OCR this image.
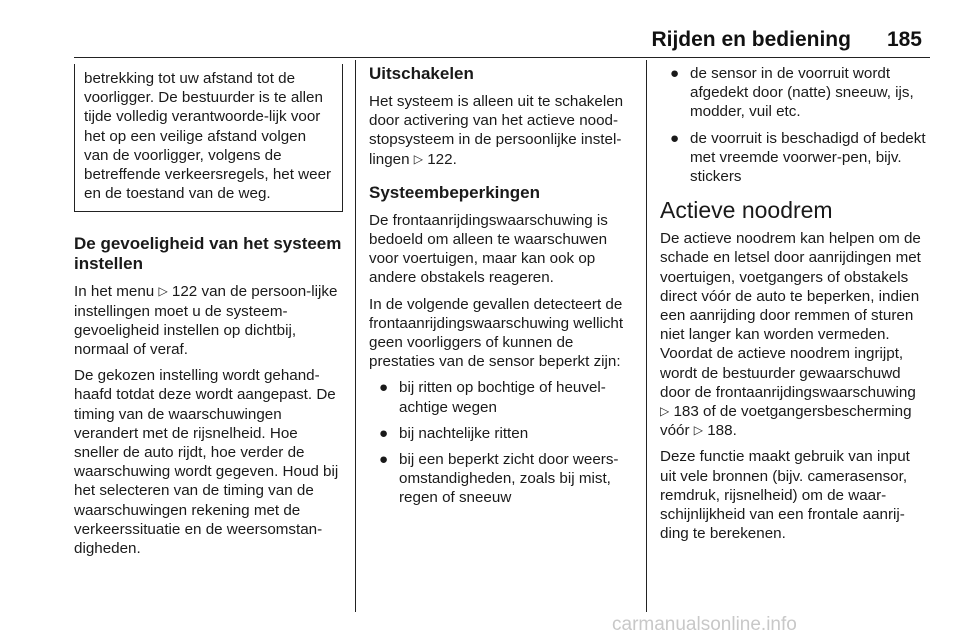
Rijden en bediening 185

betrekking tot uw afstand tot de voorligger. De bestuurder is te allen tijde volledig verantwoorde-lijk voor het op een veilige afstand volgen van de voorligger, volgens de betreffende verkeersregels, het weer en de toestand van de weg.

De gevoeligheid van het systeem instellen

In het menu ▷ 122 van de persoon-lijke instellingen moet u de systeem-gevoeligheid instellen op dichtbij, normaal of veraf.

De gekozen instelling wordt gehand-haafd totdat deze wordt aangepast. De timing van de waarschuwingen verandert met de rijsnelheid. Hoe sneller de auto rijdt, hoe verder de waarschuwing wordt gegeven. Houd bij het selecteren van de timing van de waarschuwingen rekening met de verkeerssituatie en de weersomstan-digheden.

Uitschakelen

Het systeem is alleen uit te schakelen door activering van het actieve nood-stopsysteem in de persoonlijke instel-lingen ▷ 122.

Systeembeperkingen

De frontaanrijdingswaarschuwing is bedoeld om alleen te waarschuwen voor voertuigen, maar kan ook op andere obstakels reageren.

In de volgende gevallen detecteert de frontaanrijdingswaarschuwing wellicht geen voorliggers of kunnen de prestaties van de sensor beperkt zijn:

● bij ritten op bochtige of heuvel-achtige wegen
● bij nachtelijke ritten
● bij een beperkt zicht door weers-omstandigheden, zoals bij mist, regen of sneeuw
● de sensor in de voorruit wordt afgedekt door (natte) sneeuw, ijs, modder, vuil etc.
● de voorruit is beschadigd of bedekt met vreemde voorwer-pen, bijv. stickers
Actieve noodrem

De actieve noodrem kan helpen om de schade en letsel door aanrijdingen met voertuigen, voetgangers of obstakels direct vóór de auto te beperken, indien een aanrijding door remmen of sturen niet langer kan worden vermeden. Voordat de actieve noodrem ingrijpt, wordt de bestuurder gewaarschuwd door de frontaanrijdingswaarschuwing ▷ 183 of de voetgangersbescherming vóór ▷ 188.

Deze functie maakt gebruik van input uit vele bronnen (bijv. camerasensor, remdruk, rijsnelheid) om de waar-schijnlijkheid van een frontale aanrij-ding te berekenen.

carmanualsonline.info
